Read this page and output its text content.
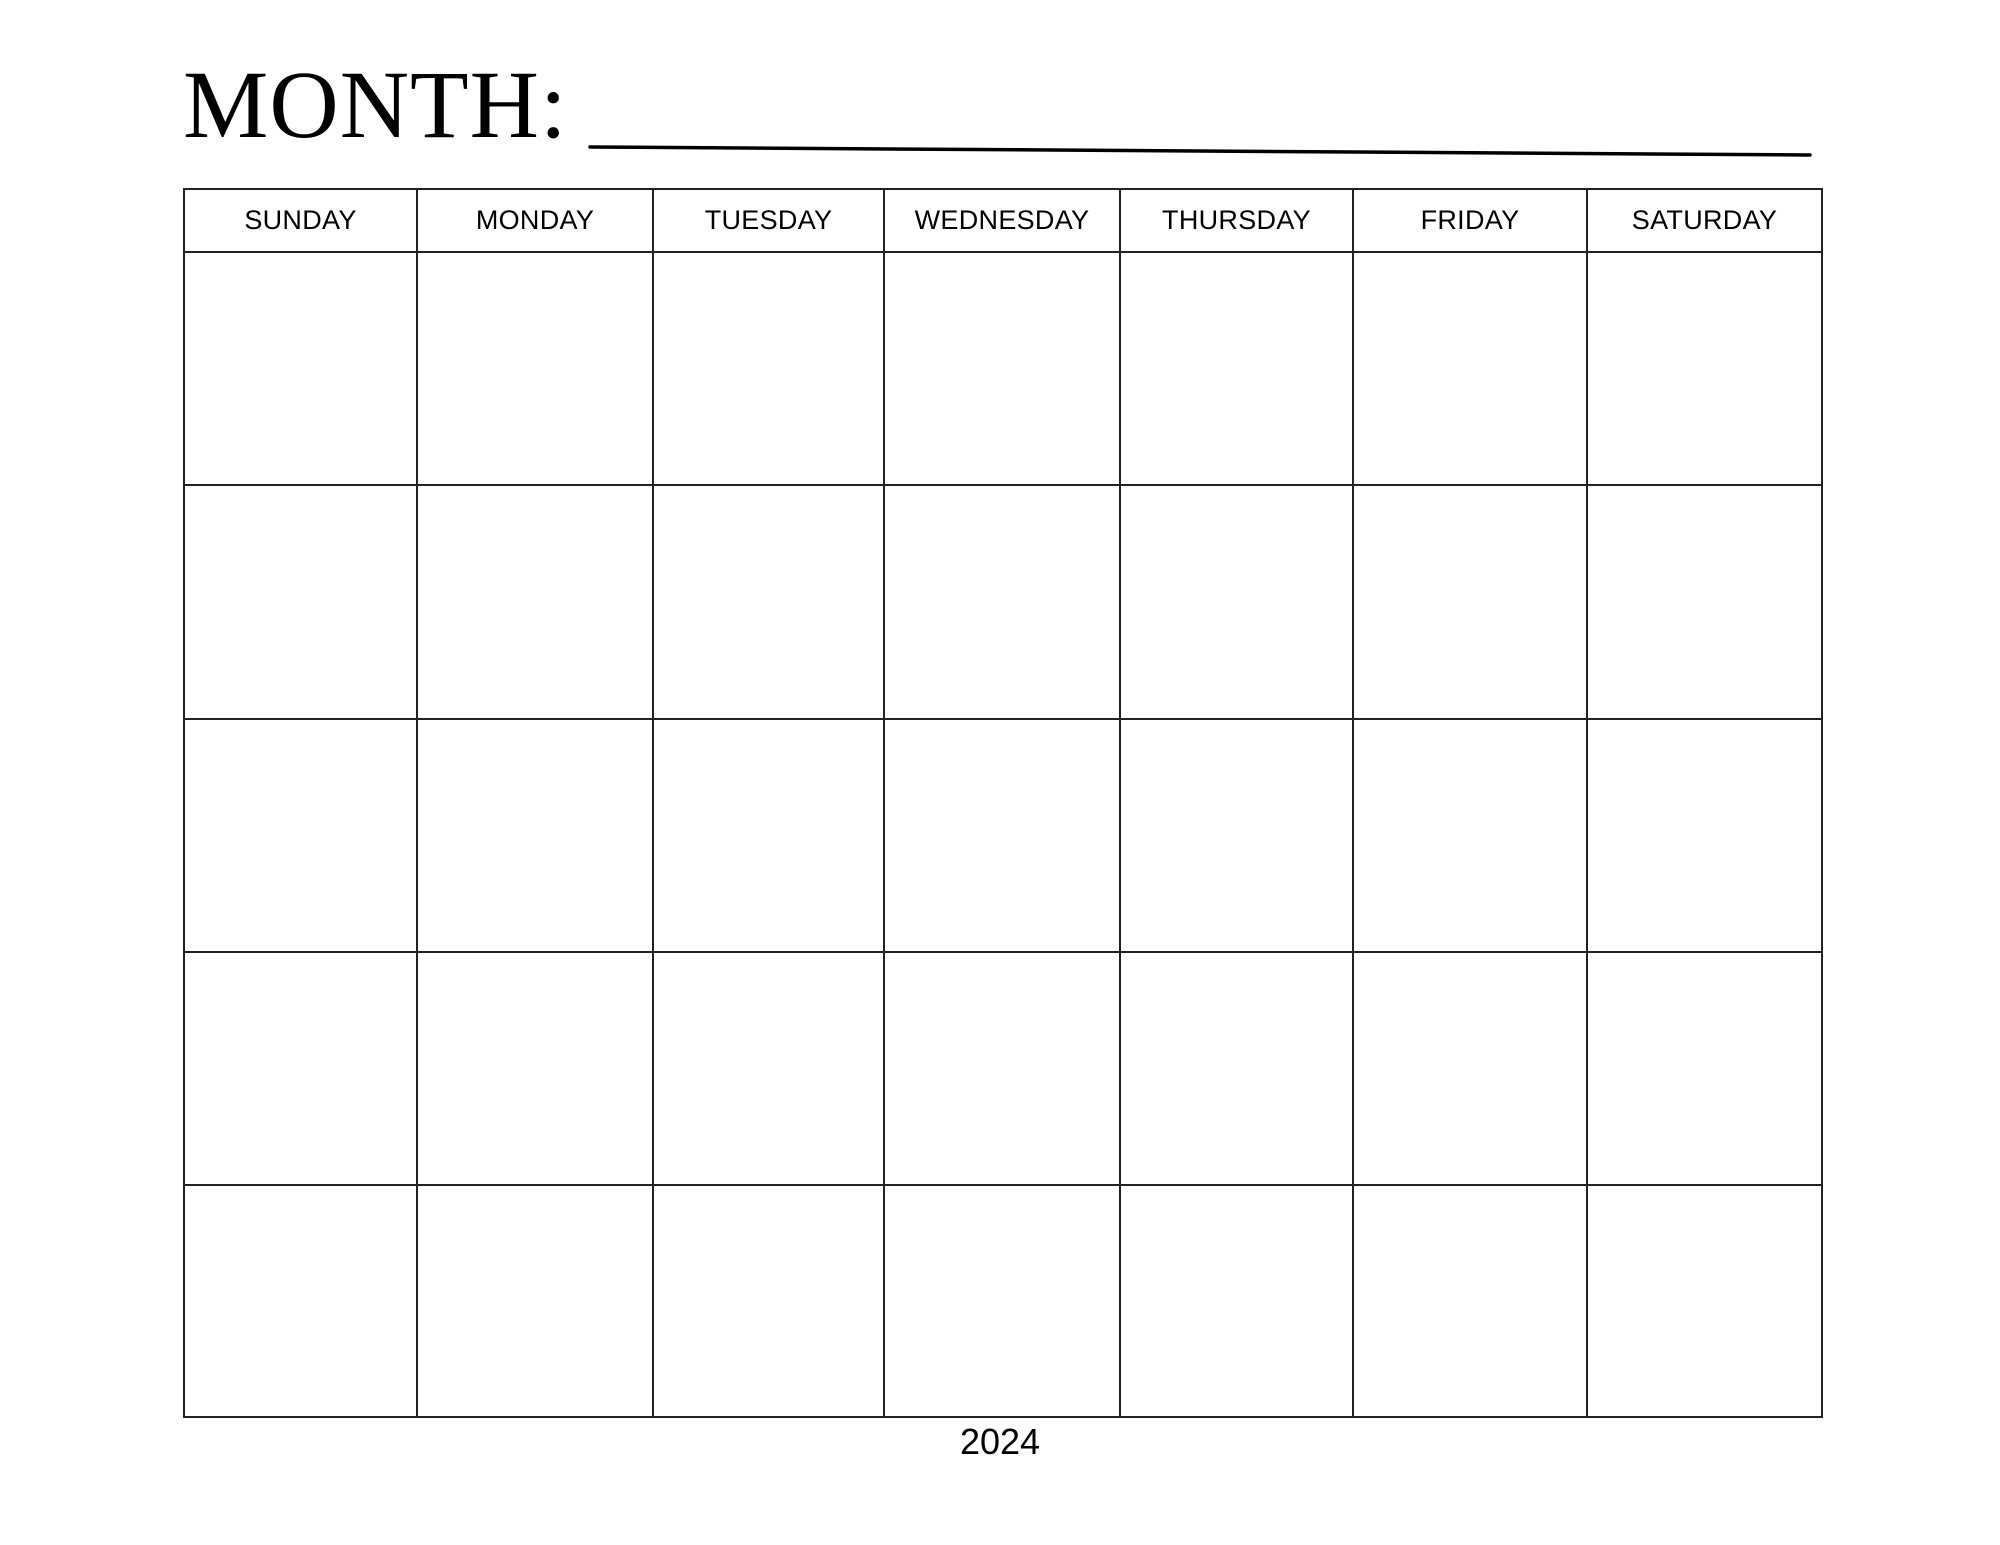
MONTH:
SUNDAY	MONDAY	TUESDAY	WEDNESDAY	THURSDAY	FRIDAY	SATURDAY

2024
